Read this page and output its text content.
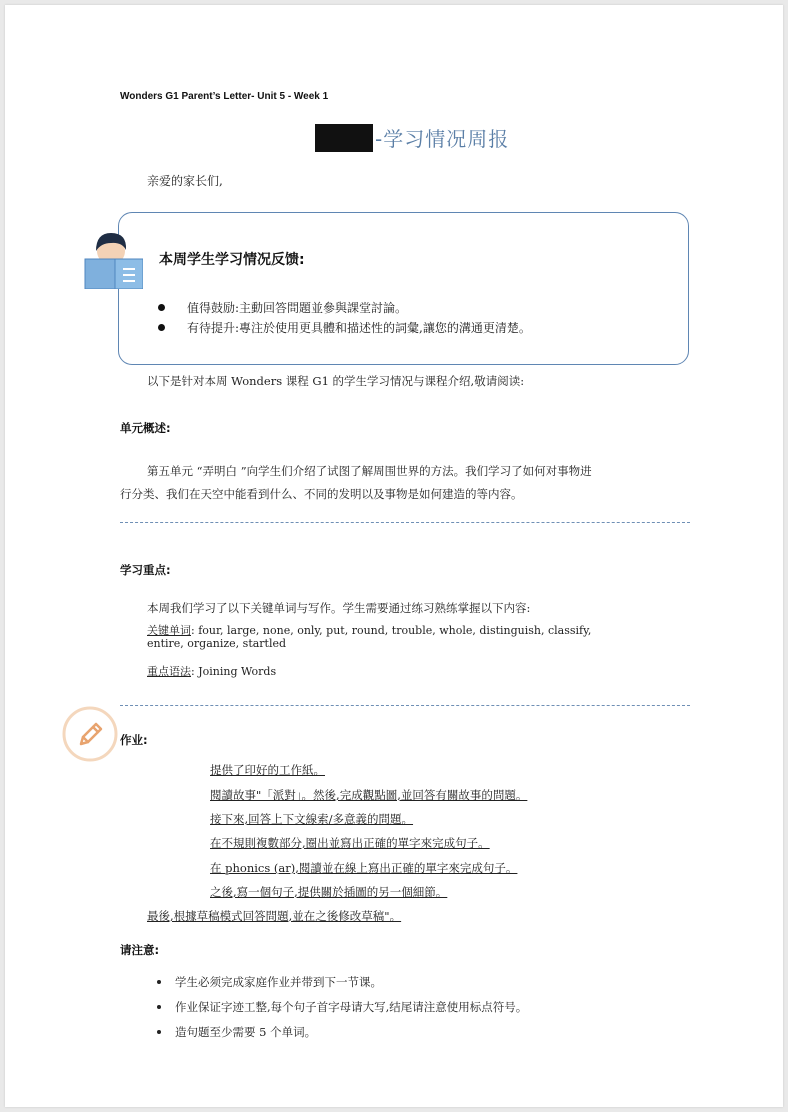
Wonders G1 Parent’s Letter- Unit 5 - Week 1
-学习情况周报
亲爱的家长们,
本周学生学习情况反馈:
值得鼓励:主動回答問題並參與課堂討論。
有待提升:專注於使用更具體和描述性的詞彙,讓您的溝通更清楚。
以下是针对本周 Wonders 课程 G1 的学生学习情况与课程介绍,敬请阅读:
单元概述:
第五单元 “弄明白 ”向学生们介绍了试图了解周围世界的方法。我们学习了如何对事物进
行分类、我们在天空中能看到什么、不同的发明以及事物是如何建造的等内容。
学习重点:
本周我们学习了以下关键单词与写作。学生需要通过练习熟练掌握以下内容:
关键单词: four, large, none, only, put, round, trouble, whole, distinguish, classify,
entire, organize, startled
重点语法: Joining Words
作业:
提供了印好的工作紙。
閱讀故事"「派對」。然後,完成觀點圖,並回答有關故事的問題。
接下來,回答上下文線索/多意義的問題。
在不規則複數部分,圈出並寫出正確的單字來完成句子。
在 phonics (ar),閱讀並在線上寫出正確的單字來完成句子。
之後,寫一個句子,提供關於插圖的另一個細節。
最後,根據草稿模式回答問題,並在之後修改草稿"。
请注意:
学生必须完成家庭作业并带到下一节课。
作业保证字迹工整,每个句子首字母请大写,结尾请注意使用标点符号。
造句题至少需要 5 个单词。
